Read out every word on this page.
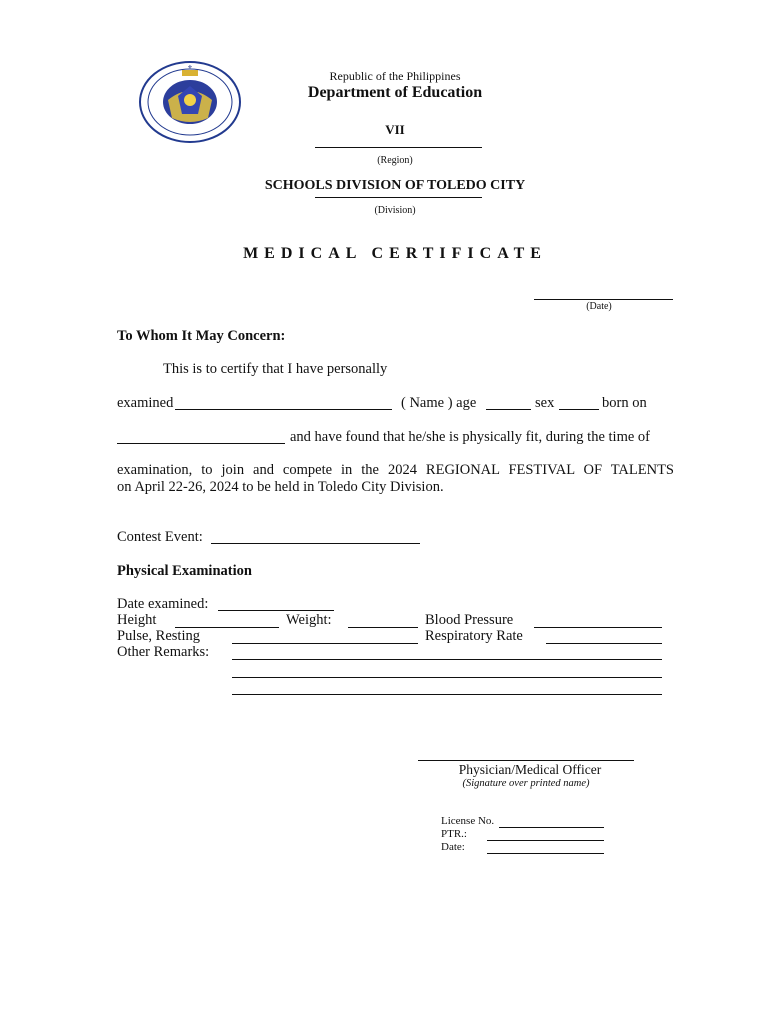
⚜
Republic of the Philippines
Department of Education
VII
(Region)
SCHOOLS DIVISION OF TOLEDO CITY
(Division)
MEDICAL CERTIFICATE
(Date)
To Whom It May Concern:
This is to certify that I have personally
examined	( Name ) age	sex	born on
and have found that he/she is physically fit, during the time of
examination, to join and compete in the 2024 REGIONAL FESTIVAL OF TALENTS
on April 22-26, 2024 to be held in Toledo City Division.
Contest Event:
Physical Examination
Date examined:
Height	Weight:	Blood Pressure
Pulse, Resting	Respiratory Rate
Other Remarks:
Physician/Medical Officer
(Signature over printed name)
License No.
PTR.:
Date:
